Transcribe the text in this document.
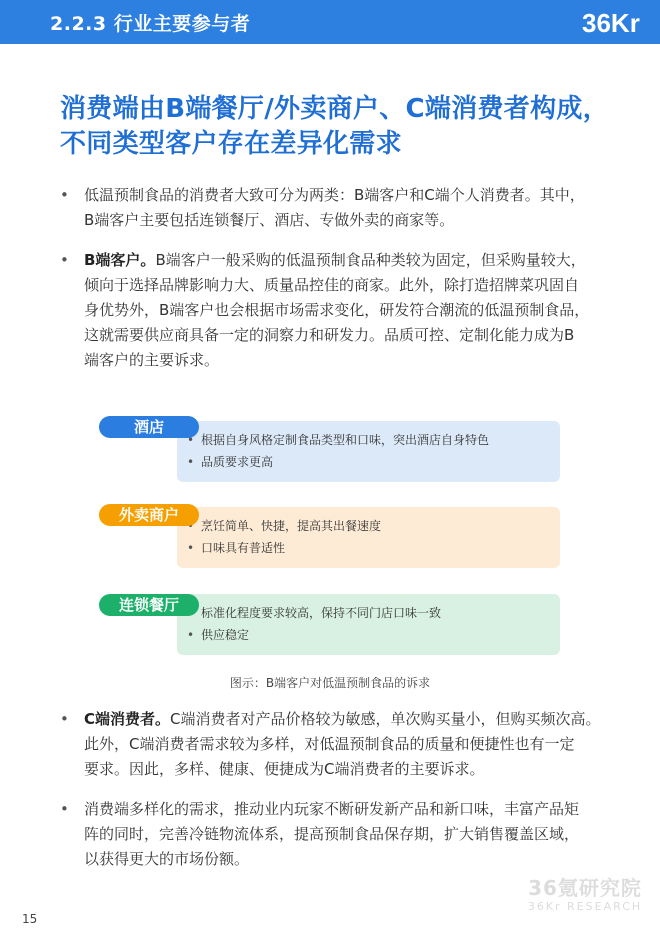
2.2.3 行业主要参与者	36Kr
消费端由B端餐厅/外卖商户、C端消费者构成，
不同类型客户存在差异化需求
•	低温预制食品的消费者大致可分为两类：B端客户和C端个人消费者。其中，
B端客户主要包括连锁餐厅、酒店、专做外卖的商家等。
•	B端客户。B端客户一般采购的低温预制食品种类较为固定，但采购量较大，
倾向于选择品牌影响力大、质量品控佳的商家。此外，除打造招牌菜巩固自
身优势外，B端客户也会根据市场需求变化，研发符合潮流的低温预制食品，
这就需要供应商具备一定的洞察力和研发力。品质可控、定制化能力成为B
端客户的主要诉求。
• 根据自身风格定制食品类型和口味，突出酒店自身特色
• 品质要求更高
酒店
• 烹饪简单、快捷，提高其出餐速度
• 口味具有普适性
外卖商户
• 标准化程度要求较高，保持不同门店口味一致
• 供应稳定
连锁餐厅
图示：B端客户对低温预制食品的诉求
•	C端消费者。C端消费者对产品价格较为敏感，单次购买量小，但购买频次高。
此外，C端消费者需求较为多样，对低温预制食品的质量和便捷性也有一定
要求。因此，多样、健康、便捷成为C端消费者的主要诉求。
•	消费端多样化的需求，推动业内玩家不断研发新产品和新口味，丰富产品矩
阵的同时，完善冷链物流体系，提高预制食品保存期，扩大销售覆盖区域，
以获得更大的市场份额。
36氪研究院
36Kr RESEARCH
15
